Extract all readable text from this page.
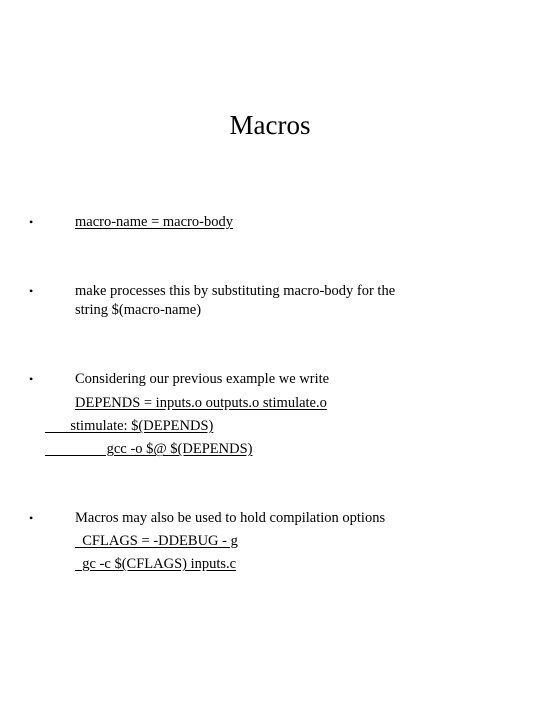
Macros
•	macro-name = macro-body
•	make processes this by substituting macro-body for the
string $(macro-name)
•	Considering our previous example we write
DEPENDS = inputs.o outputs.o stimulate.o
stimulate: $(DEPENDS)
gcc -o $@ $(DEPENDS)
•	Macros may also be used to hold compilation options
CFLAGS = -DDEBUG - g
gc -c $(CFLAGS) inputs.c
